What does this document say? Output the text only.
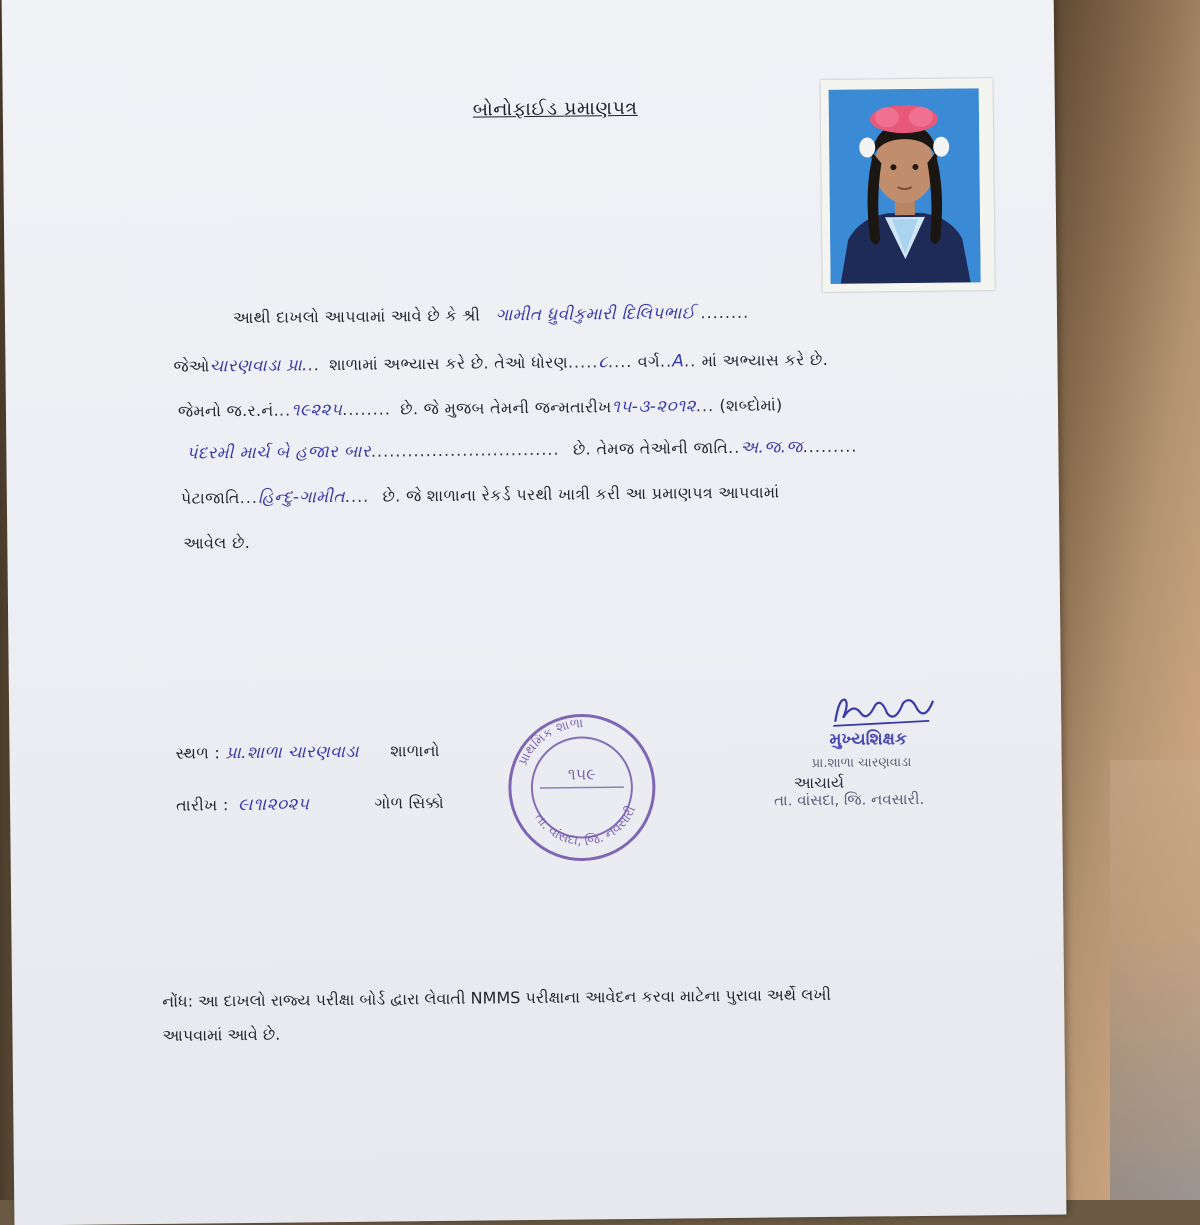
બોનોફાઈડ પ્રમાણપત્ર
આથી દાખલો આપવામાં આવે છે કે શ્રી ગામીત ધ્રુવીકુમારી દિલિપભાઈ ........
જેઓચારણવાડા પ્રા... શાળામાં અભ્યાસ કરે છે. તેઓ ધોરણ.....૮.... વર્ગ..A.. માં અભ્યાસ કરે છે.
જેમનો જ.ર.નં...૧૯૨૨૫........ છે. જે મુજબ તેમની જન્મતારીખ૧૫-૩-૨૦૧૨... (શબ્દોમાં)
પંદરમી માર્ચ બે હજાર બાર............................... છે. તેમજ તેઓની જાતિ..અ.જ.જ.........
પેટાજાતિ...હિન્દુ-ગામીત.... છે. જે શાળાના રેકર્ડ પરથી ખાત્રી કરી આ પ્રમાણપત્ર આપવામાં
આવેલ છે.
સ્થળ : પ્રા.શાળા ચારણવાડા શાળાનો
તારીખ : ૯।૧।૨૦૨૫	ગોળ સિક્કો
પ્રાથમિક શાળા
તા. વાંસદા, જિ. નવસારી
૧૫૯
મુખ્યશિક્ષક
પ્રા.શાળા ચારણવાડા
આચાર્ય
તા. વાંસદા, જિ. નવસારી.
નોંધ: આ દાખલો રાજ્ય પરીક્ષા બોર્ડ દ્વારા લેવાતી NMMS પરીક્ષાના આવેદન કરવા માટેના પુરાવા અર્થે લખી
આપવામાં આવે છે.
